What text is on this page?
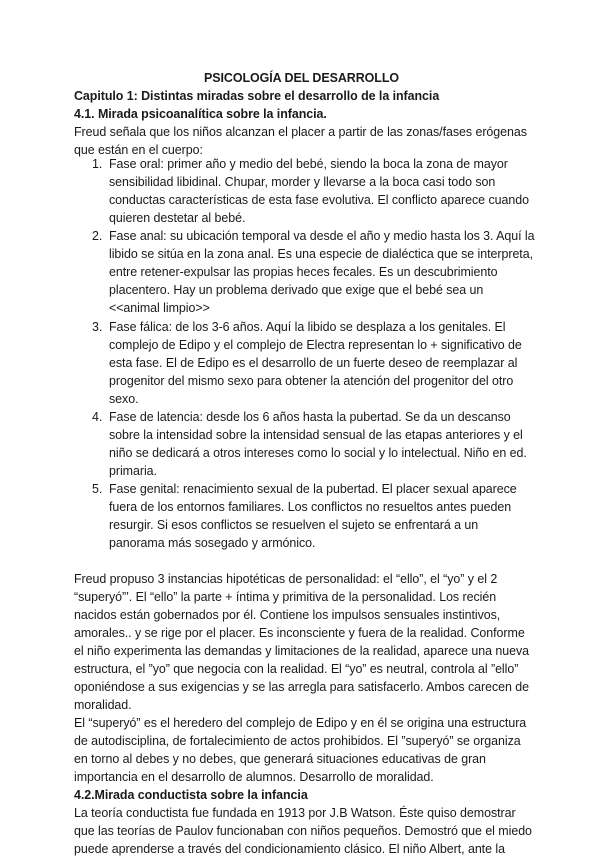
PSICOLOGÍA DEL DESARROLLO
Capitulo 1: Distintas miradas sobre el desarrollo de la infancia
4.1. Mirada psicoanalítica sobre la infancia.
Freud señala que los niños alcanzan el placer a partir de las zonas/fases erógenas
que están en el cuerpo:
1. Fase oral: primer año y medio del bebé, siendo la boca la zona de mayor
sensibilidad libidinal. Chupar, morder y llevarse a la boca casi todo son
conductas características de esta fase evolutiva. El conflicto aparece cuando
quieren destetar al bebé.
2. Fase anal: su ubicación temporal va desde el año y medio hasta los 3. Aquí la
libido se sitúa en la zona anal. Es una especie de dialéctica que se interpreta,
entre retener-expulsar las propias heces fecales. Es un descubrimiento
placentero. Hay un problema derivado que exige que el bebé sea un
<<animal limpio>>
3. Fase fálica: de los 3-6 años. Aquí la libido se desplaza a los genitales. El
complejo de Edipo y el complejo de Electra representan lo + significativo de
esta fase. El de Edipo es el desarrollo de un fuerte deseo de reemplazar al
progenitor del mismo sexo para obtener la atención del progenitor del otro
sexo.
4. Fase de latencia: desde los 6 años hasta la pubertad. Se da un descanso
sobre la intensidad sobre la intensidad sensual de las etapas anteriores y el
niño se dedicará a otros intereses como lo social y lo intelectual. Niño en ed.
primaria.
5. Fase genital: renacimiento sexual de la pubertad. El placer sexual aparece
fuera de los entornos familiares. Los conflictos no resueltos antes pueden
resurgir. Si esos conflictos se resuelven el sujeto se enfrentará a un
panorama más sosegado y armónico.
Freud propuso 3 instancias hipotéticas de personalidad: el “ello”, el “yo” y el 2
“superyó”’. El “ello” la parte + íntima y primitiva de la personalidad. Los recién
nacidos están gobernados por él. Contiene los impulsos sensuales instintivos,
amorales.. y se rige por el placer. Es inconsciente y fuera de la realidad. Conforme
el niño experimenta las demandas y limitaciones de la realidad, aparece una nueva
estructura, el ”yo” que negocia con la realidad. El “yo” es neutral, controla al ”ello”
oponiéndose a sus exigencias y se las arregla para satisfacerlo. Ambos carecen de
moralidad.
El “superyó” es el heredero del complejo de Edipo y en él se origina una estructura
de autodisciplina, de fortalecimiento de actos prohibidos. El ”superyó” se organiza
en torno al debes y no debes, que generará situaciones educativas de gran
importancia en el desarrollo de alumnos. Desarrollo de moralidad.
4.2.Mirada conductista sobre la infancia
La teoría conductista fue fundada en 1913 por J.B Watson. Éste quiso demostrar
que las teorías de Paulov funcionaban con niños pequeños. Demostró que el miedo
puede aprenderse a través del condicionamiento clásico. El niño Albert, ante la
